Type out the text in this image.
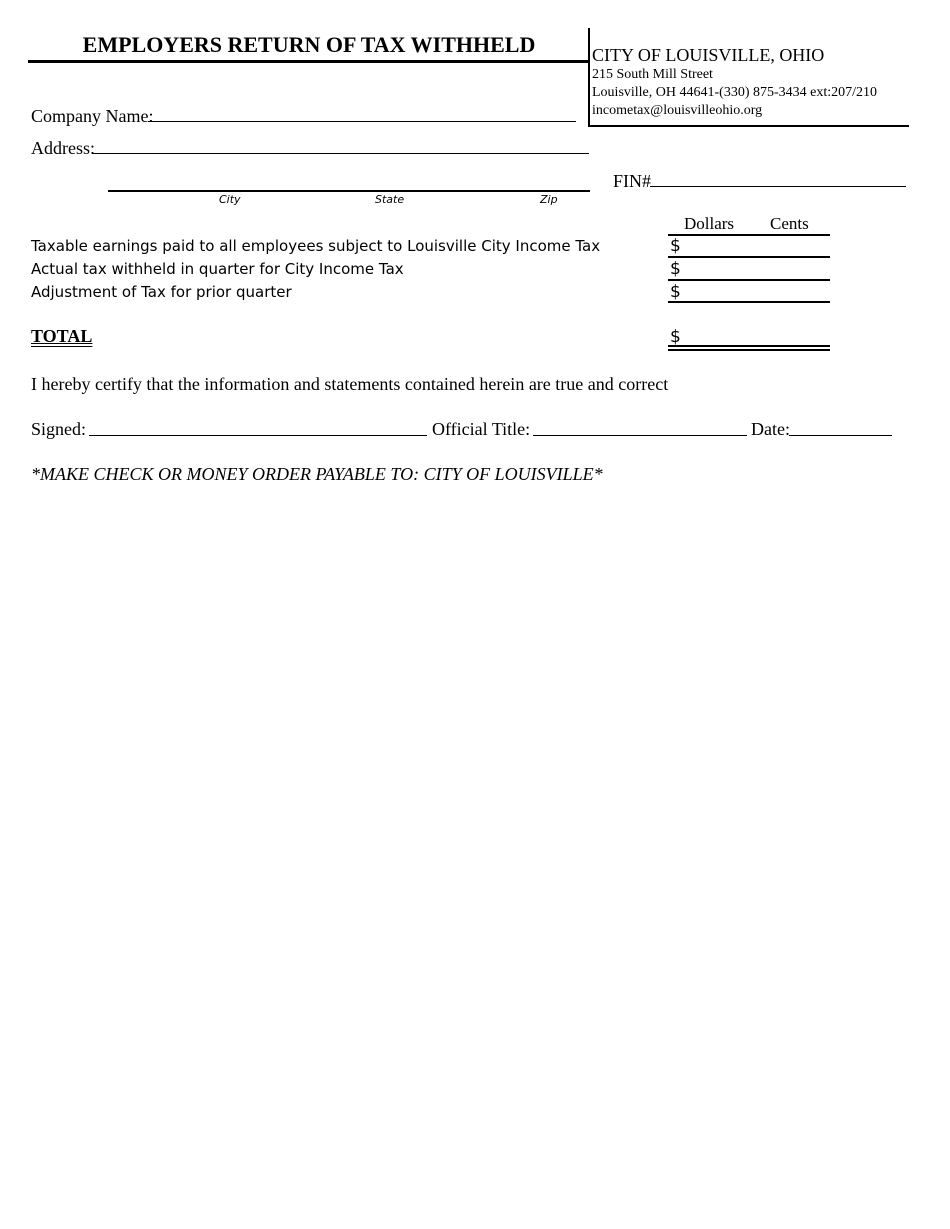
EMPLOYERS RETURN OF TAX WITHHELD	CITY OF LOUISVILLE, OHIO
215 South Mill Street
Louisville, OH 44641-(330) 875-3434 ext:207/210
incometax@louisvilleohio.org
Company Name:
Address:
City	State	Zip
FIN#
Dollars Cents
Taxable earnings paid to all employees subject to Louisville City Income Tax	$
Actual tax withheld in quarter for City Income Tax	$
Adjustment of Tax for prior quarter	$
TOTAL	$
I hereby certify that the information and statements contained herein are true and correct
Signed:	Official Title:	Date:
*MAKE CHECK OR MONEY ORDER PAYABLE TO: CITY OF LOUISVILLE*
